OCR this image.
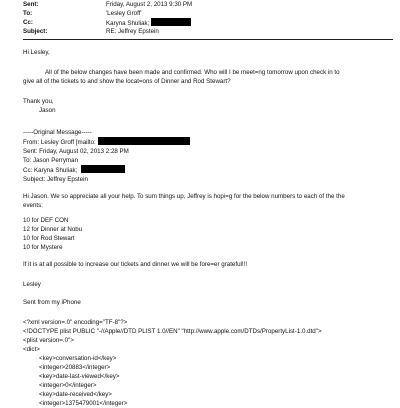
Sent:	Friday, August 2, 2013 9:30 PM
To:	'Lesley Groff'
Cc:	Karyna Shuliak;
Subject:	RE: Jeffrey Epstein
Hi Lesley,
All of the below changes have been made and confirmed. Who will I be meet=ng tomorrow upon check in to
give all of the tickets to and show the locat=ons of Dinner and Rod Stewart?
Thank you,
Jason
-----Original Message-----
From: Lesley Groff [mailto:
Sent: Friday, August 02, 2013 2:28 PM
To: Jason Perryman
Cc: Karyna Shuliak;
Subject: Jeffrey Epstein
Hi Jason. We so appreciate all your help. To sum things up, Jeffrey is hopi=g for the below numbers to each of the the
events:
10 for DEF CON
12 for Dinner at Nobu
10 for Rod Stewart
10 for Mystere
If it is at all possible to increase our tickets and dinner we will be fore=er grateful!!!
Lesley
Sent from my iPhone
<?xml version=.0" encoding="TF-8"?>
<!DOCTYPE plist PUBLIC "-//Apple//DTD PLIST 1.0//EN" "http://www.apple.com/DTDs/PropertyList-1.0.dtd">
<plist version=.0">
<dict>
<key>conversation-id</key>
<integer>20883</integer>
<key>date-last-viewed</key>
<integer>0</integer>
<key>date-received</key>
<integer>1375479001</integer>
